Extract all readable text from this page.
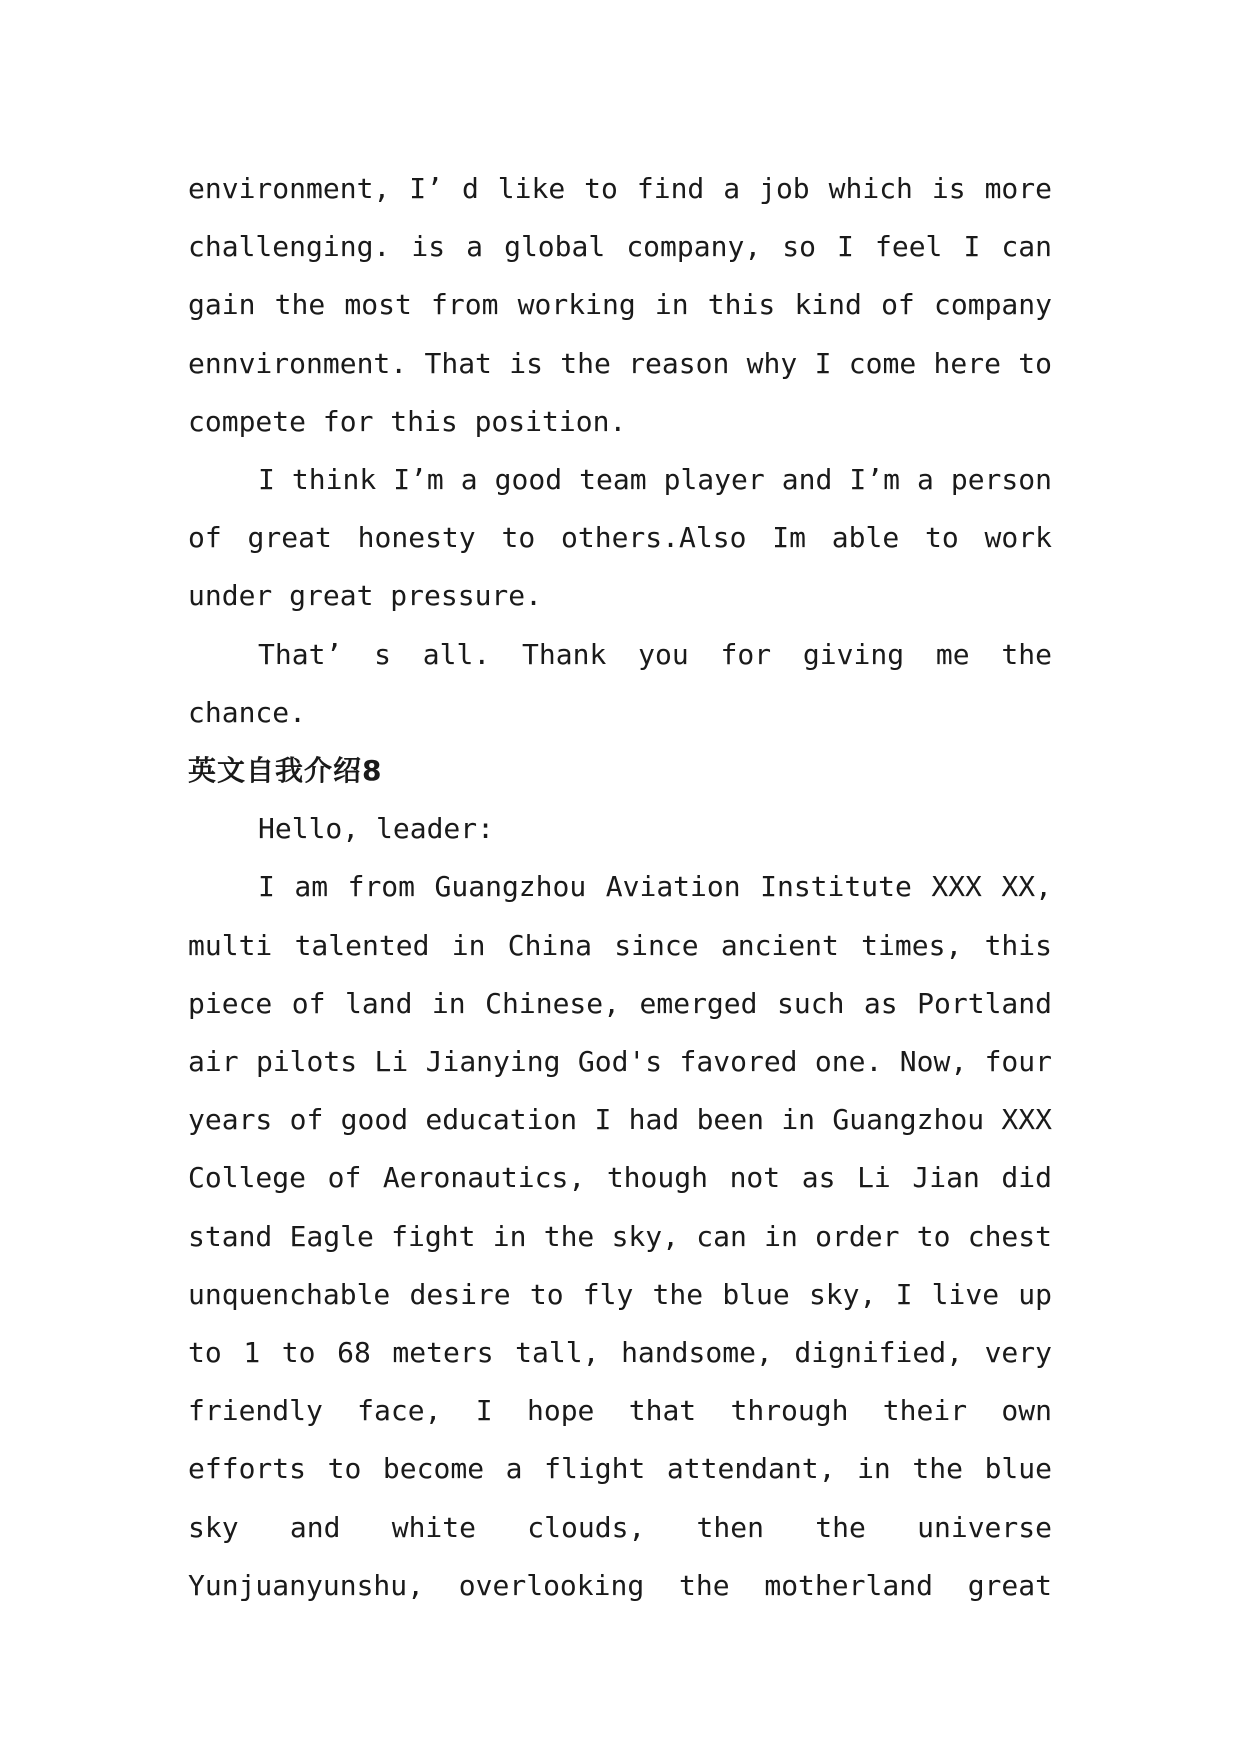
environment, I’ d like to find a job which is more challenging. is a global company, so I feel I can gain the most from working in this kind of company ennvironment. That is the reason why I come here to compete for this position.

I think I’m a good team player and I’m a person of great honesty to others.Also Im able to work under great pressure.

That’ s all. Thank you for giving me the chance.

英文自我介绍8

Hello, leader:

I am from Guangzhou Aviation Institute XXX XX, multi talented in China since ancient times, this piece of land in Chinese, emerged such as Portland air pilots Li Jianying God's favored one. Now, four years of good education I had been in Guangzhou XXX College of Aeronautics, though not as Li Jian did stand Eagle fight in the sky, can in order to chest unquenchable desire to fly the blue sky, I live up to 1 to 68 meters tall, handsome, dignified, very friendly face, I hope that through their own efforts to become a flight attendant, in the blue sky and white clouds, then the universe Yunjuanyunshu, overlooking the motherland great
